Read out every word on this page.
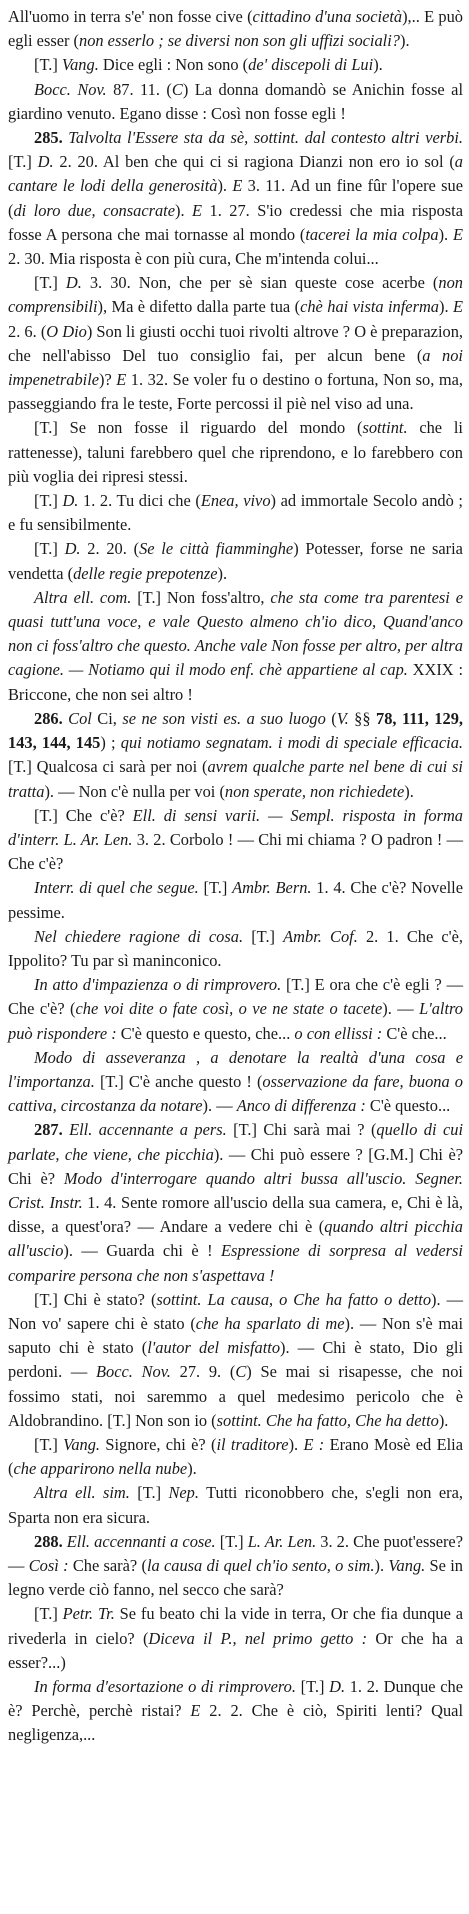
All'uomo in terra s'e' non fosse cive (cittadino d'una società),.. E può egli esser (non esserlo ; se diversi non son gli uffizi sociali?).

[T.] Vang. Dice egli : Non sono (de' discepoli di Lui).

Bocc. Nov. 87. 11. (C) La donna domandò se Anichin fosse al giardino venuto. Egano disse : Così non fosse egli !

285. Talvolta l'Essere sta da sè, sottint. dal contesto altri verbi. [T.] D. 2. 20. Al ben che qui ci si ragiona Dianzi non ero io sol (a cantare le lodi della generosità). E 3. 11. Ad un fine fûr l'opere sue (di loro due, consacrate). E 1. 27. S'io credessi che mia risposta fosse A persona che mai tornasse al mondo (tacerei la mia colpa). E 2. 30. Mia risposta è con più cura, Che m'intenda colui...

[T.] D. 3. 30. Non, che per sè sian queste cose acerbe (non comprensibili), Ma è difetto dalla parte tua (chè hai vista inferma). E 2. 6. (O Dio) Son li giusti occhi tuoi rivolti altrove ? O è preparazion, che nell'abisso Del tuo consiglio fai, per alcun bene (a noi impenetrabile)? E 1. 32. Se voler fu o destino o fortuna, Non so, ma, passeggiando fra le teste, Forte percossi il piè nel viso ad una.

[T.] Se non fosse il riguardo del mondo (sottint. che li rattenesse), taluni farebbero quel che riprendono, e lo farebbero con più voglia dei ripresi stessi.

[T.] D. 1. 2. Tu dici che (Enea, vivo) ad immortale Secolo andò ; e fu sensibilmente.

[T.] D. 2. 20. (Se le città fiamminghe) Potesser, forse ne saria vendetta (delle regie prepotenze).

Altra ell. com. [T.] Non foss'altro, che sta come tra parentesi e quasi tutt'una voce, e vale Questo almeno ch'io dico, Quand'anco non ci foss'altro che questo. Anche vale Non fosse per altro, per altra cagione. — Notiamo qui il modo enf. chè appartiene al cap. XXIX : Briccone, che non sei altro !

286. Col Ci, se ne son visti es. a suo luogo (V. §§ 78, 111, 129, 143, 144, 145) ; qui notiamo segnatam. i modi di speciale efficacia. [T.] Qualcosa ci sarà per noi (avrem qualche parte nel bene di cui si tratta). — Non c'è nulla per voi (non sperate, non richiedete).

[T.] Che c'è? Ell. di sensi varii. — Sempl. risposta in forma d'interr. L. Ar. Len. 3. 2. Corbolo ! — Chi mi chiama ? O padron ! — Che c'è?

Interr. di quel che segue. [T.] Ambr. Bern. 1. 4. Che c'è? Novelle pessime.

Nel chiedere ragione di cosa. [T.] Ambr. Cof. 2. 1. Che c'è, Ippolito? Tu par sì maninconico.

In atto d'impazienza o di rimprovero. [T.] E ora che c'è egli ? — Che c'è? (che voi dite o fate così, o ve ne state o tacete). — L'altro può rispondere : C'è questo e questo, che... o con ellissi : C'è che...

Modo di asseveranza , a denotare la realtà d'una cosa e l'importanza. [T.] C'è anche questo ! (osservazione da fare, buona o cattiva, circostanza da notare). — Anco di differenza : C'è questo...

287. Ell. accennante a pers. [T.] Chi sarà mai ? (quello di cui parlate, che viene, che picchia). — Chi può essere ? [G.M.] Chi è? Chi è? Modo d'interrogare quando altri bussa all'uscio. Segner. Crist. Instr. 1. 4. Sente romore all'uscio della sua camera, e, Chi è là, disse, a quest'ora? — Andare a vedere chi è (quando altri picchia all'uscio). — Guarda chi è ! Espressione di sorpresa al vedersi comparire persona che non s'aspettava !

[T.] Chi è stato? (sottint. La causa, o Che ha fatto o detto). — Non vo' sapere chi è stato (che ha sparlato di me). — Non s'è mai saputo chi è stato (l'autor del misfatto). — Chi è stato, Dio gli perdoni. — Bocc. Nov. 27. 9. (C) Se mai si risapesse, che noi fossimo stati, noi saremmo a quel medesimo pericolo che è Aldobrandino. [T.] Non son io (sottint. Che ha fatto, Che ha detto).

[T.] Vang. Signore, chi è? (il traditore). E : Erano Mosè ed Elia (che apparirono nella nube).

Altra ell. sim. [T.] Nep. Tutti riconobbero che, s'egli non era, Sparta non era sicura.

288. Ell. accennanti a cose. [T.] L. Ar. Len. 3. 2. Che puot'essere? — Così : Che sarà? (la causa di quel ch'io sento, o sim.). Vang. Se in legno verde ciò fanno, nel secco che sarà?

[T.] Petr. Tr. Se fu beato chi la vide in terra, Or che fia dunque a rivederla in cielo? (Diceva il P., nel primo getto : Or che ha a esser?...)

In forma d'esortazione o di rimprovero. [T.] D. 1. 2. Dunque che è? Perchè, perchè ristai? E 2. 2. Che è ciò, Spiriti lenti? Qual negligenza,...
